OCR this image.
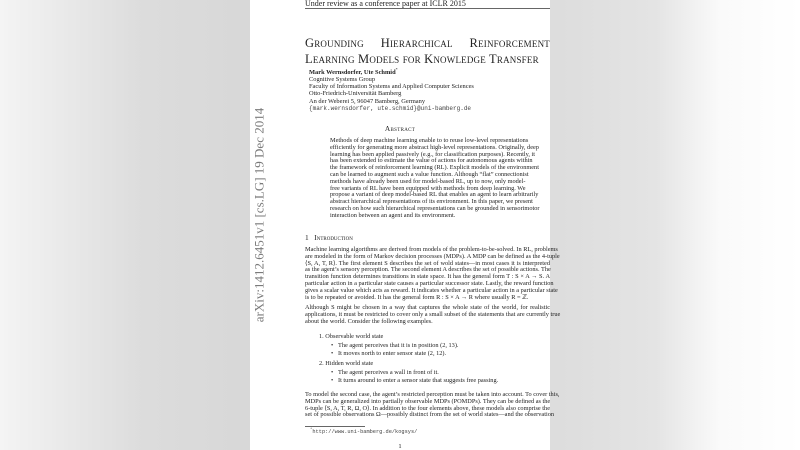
Under review as a conference paper at ICLR 2015
Grounding Hierarchical Reinforcement
Learning Models for Knowledge Transfer
Mark Wernsdorfer, Ute Schmid*
Cognitive Systems Group
Faculty of Information Systems and Applied Computer Sciences
Otto-Friedrich-Universität Bamberg
An der Weberei 5, 96047 Bamberg, Germany
{mark.wernsdorfer, ute.schmid}@uni-bamberg.de
Abstract
Methods of deep machine learning enable to to reuse low-level representations
efficiently for generating more abstract high-level representations. Originally, deep
learning has been applied passively (e.g., for classification purposes). Recently, it
has been extended to estimate the value of actions for autonomous agents within
the framework of reinforcement learning (RL). Explicit models of the environment
can be learned to augment such a value function. Although “flat” connectionist
methods have already been used for model-based RL, up to now, only model-
free variants of RL have been equipped with methods from deep learning. We
propose a variant of deep model-based RL that enables an agent to learn arbitrarily
abstract hierarchical representations of its environment. In this paper, we present
research on how such hierarchical representations can be grounded in sensorimotor
interaction between an agent and its environment.
1 Introduction
Machine learning algorithms are derived from models of the problem-to-be-solved. In RL, problems
are modeled in the form of Markov decision processes (MDPs). A MDP can be defined as the 4-tuple
⟨S, A, T, R⟩. The first element S describes the set of wold states—in most cases it is interpreted
as the agent’s sensory perception. The second element A describes the set of possible actions. The
transition function determines transitions in state space. It has the general form T : S × A → S. A
particular action in a particular state causes a particular successor state. Lastly, the reward function
gives a scalar value which acts as reward. It indicates whether a particular action in a particular state
is to be repeated or avoided. It has the general form R : S × A → R where usually R = ℤ.
Although S might be chosen in a way that captures the whole state of the world, for realistic
applications, it must be restricted to cover only a small subset of the statements that are currently true
about the world. Consider the following examples.
1. Observable world state
• The agent perceives that it is in position (2, 13).
• It moves north to enter sensor state (2, 12).
2. Hidden world state
• The agent perceives a wall in front of it.
• It turns around to enter a sensor state that suggests free passing.
To model the second case, the agent’s restricted perception must be taken into account. To cover this,
MDPs can be generalized into partially observable MDPs (POMDPs). They can be defined as the
6-tuple ⟨S, A, T, R, Ω, O⟩. In addition to the four elements above, these models also comprise the
set of possible observations Ω—possibly distinct from the set of world states—and the observation
*http://www.uni-bamberg.de/kogsys/
1
arXiv:1412.6451v1 [cs.LG] 19 Dec 2014
